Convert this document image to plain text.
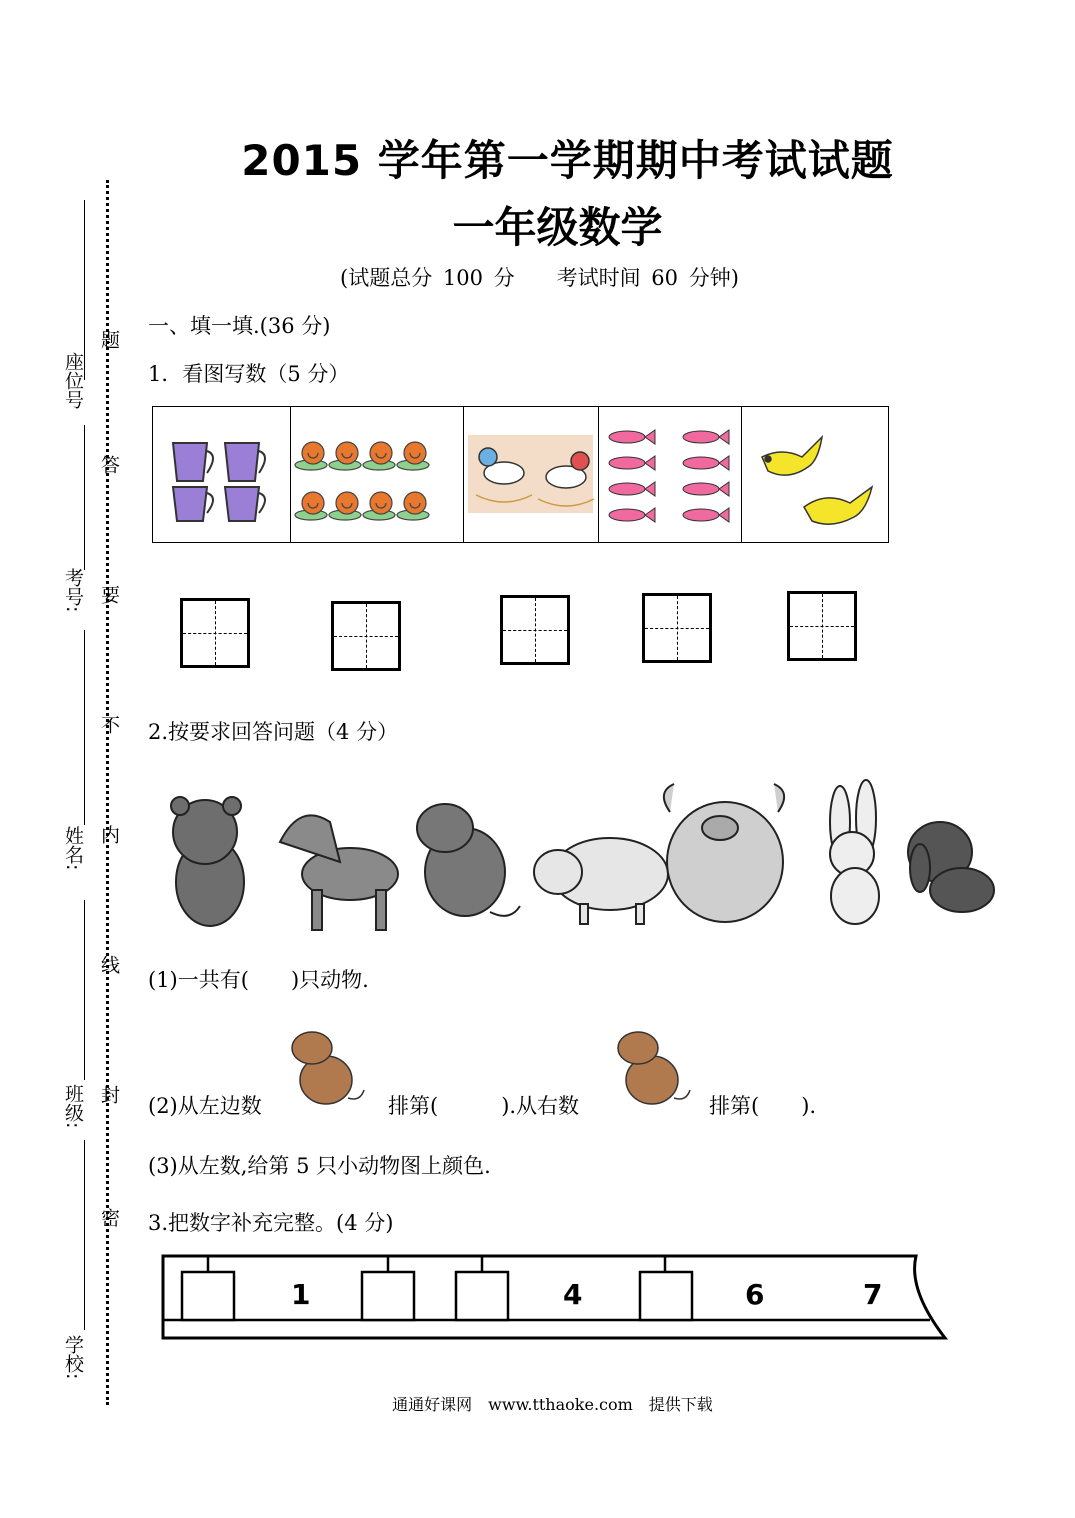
2015 学年第一学期期中考试试题
一年级数学
(试题总分 100 分　　考试时间 60 分钟)
座位号
考号:
姓名:
班级:
学校:
题
答
要
不
内
线
封
密
一、填一填.(36 分)
1．看图写数（5 分）
2.按要求回答问题（4 分）
(1)一共有(　　)只动物.
(2)从左边数	排第(　　　).从右数	排第(　　).
(3)从左数,给第 5 只小动物图上颜色.
3.把数字补充完整。(4 分)
1	4	6	7
通通好课网　www.tthaoke.com　提供下载
